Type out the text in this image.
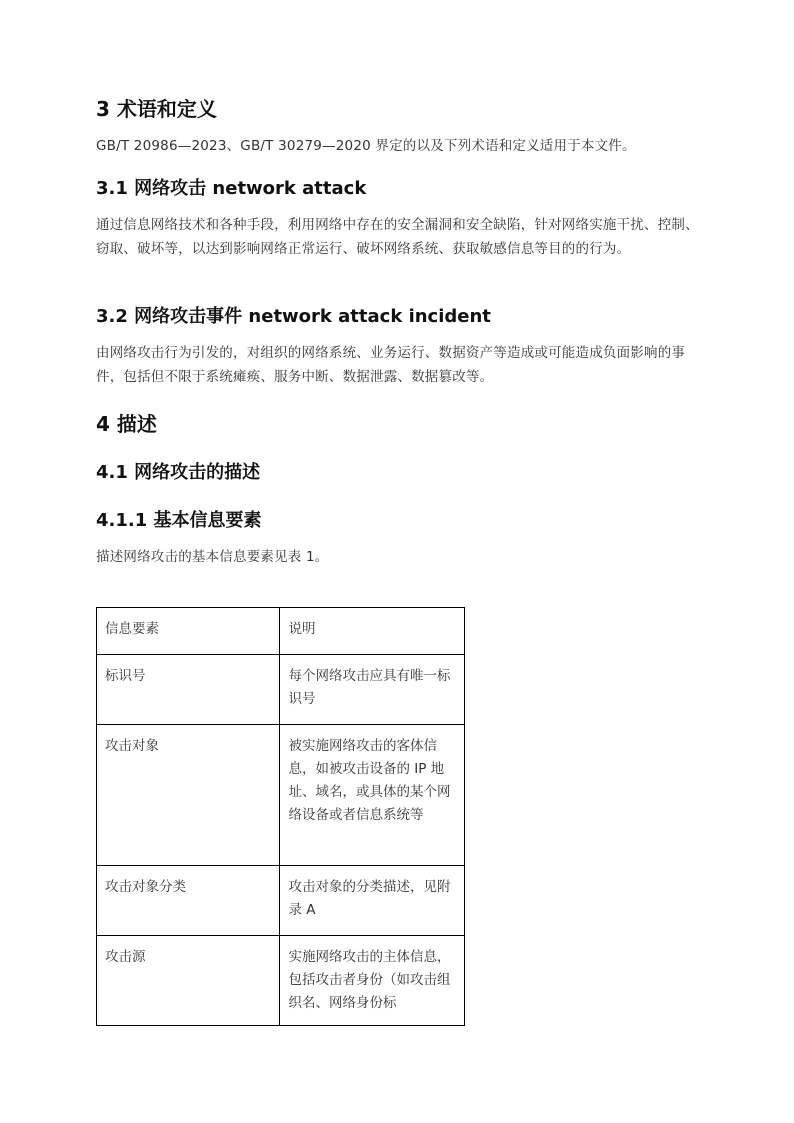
3 术语和定义
GB/T 20986—2023、GB/T 30279—2020 界定的以及下列术语和定义适用于本文件。
3.1 网络攻击 network attack
通过信息网络技术和各种手段，利用网络中存在的安全漏洞和安全缺陷，针对网络实施干扰、控制、窃取、破坏等，以达到影响网络正常运行、破坏网络系统、获取敏感信息等目的的行为。
3.2 网络攻击事件 network attack incident
由网络攻击行为引发的，对组织的网络系统、业务运行、数据资产等造成或可能造成负面影响的事件，包括但不限于系统瘫痪、服务中断、数据泄露、数据篡改等。
4 描述
4.1 网络攻击的描述
4.1.1 基本信息要素
描述网络攻击的基本信息要素见表 1。
信息要素	说明
标识号	每个网络攻击应具有唯一标识号
攻击对象	被实施网络攻击的客体信息，如被攻击设备的 IP 地址、域名，或具体的某个网络设备或者信息系统等
攻击对象分类	攻击对象的分类描述，见附录 A
攻击源	实施网络攻击的主体信息，包括攻击者身份（如攻击组织名、网络身份标
